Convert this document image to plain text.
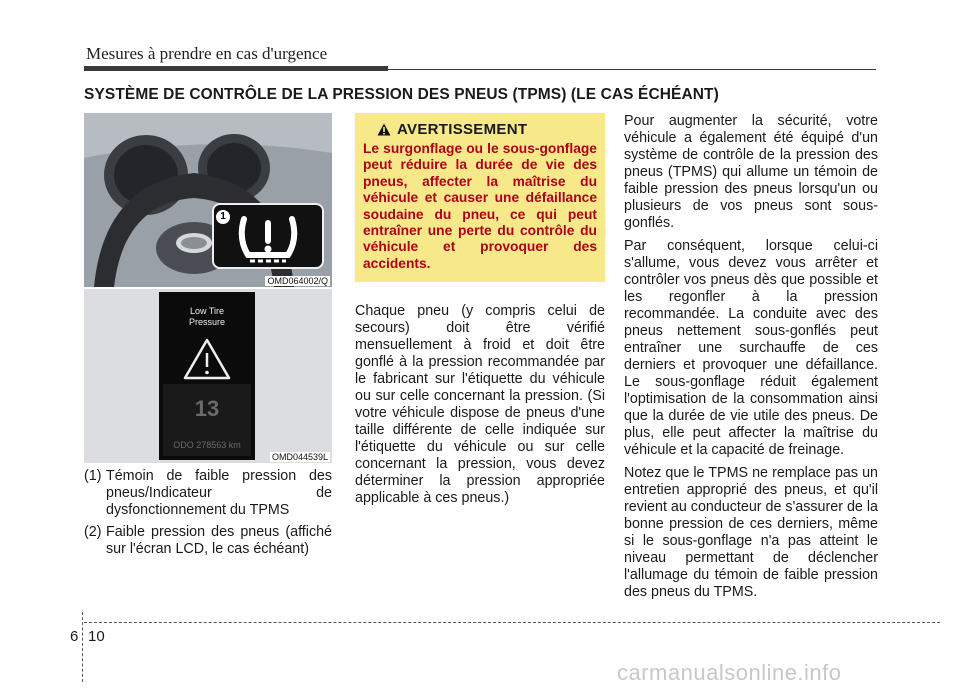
Mesures à prendre en cas d'urgence
SYSTÈME DE CONTRÔLE DE LA PRESSION DES PNEUS (TPMS) (LE CAS ÉCHÉANT)
1
OMD064002/Q
Low Tire
Pressure
13
ODO 278563 km
OMD044539L
(1) Témoin de faible pression des pneus/Indicateur de dysfonctionnement du TPMS
(2) Faible pression des pneus (affiché sur l'écran LCD, le cas échéant)
AVERTISSEMENT
Le surgonflage ou le sous-gonflage peut réduire la durée de vie des pneus, affecter la maîtrise du véhicule et causer une défaillance soudaine du pneu, ce qui peut entraîner une perte du contrôle du véhicule et provoquer des accidents.

Chaque pneu (y compris celui de secours) doit être vérifié mensuellement à froid et doit être gonflé à la pression recommandée par le fabricant sur l'étiquette du véhicule ou sur celle concernant la pression. (Si votre véhicule dispose de pneus d'une taille différente de celle indiquée sur l'étiquette du véhicule ou sur celle concernant la pression, vous devez déterminer la pression appropriée applicable à ces pneus.)

Pour augmenter la sécurité, votre véhicule a également été équipé d'un système de contrôle de la pression des pneus (TPMS) qui allume un témoin de faible pression des pneus lorsqu'un ou plusieurs de vos pneus sont sous-gonflés.

Par conséquent, lorsque celui-ci s'allume, vous devez vous arrêter et contrôler vos pneus dès que possible et les regonfler à la pression recommandée. La conduite avec des pneus nettement sous-gonflés peut entraîner une surchauffe de ces derniers et provoquer une défaillance. Le sous-gonflage réduit également l'optimisation de la consommation ainsi que la durée de vie utile des pneus. De plus, elle peut affecter la maîtrise du véhicule et la capacité de freinage.

Notez que le TPMS ne remplace pas un entretien approprié des pneus, et qu'il revient au conducteur de s'assurer de la bonne pression de ces derniers, même si le sous-gonflage n'a pas atteint le niveau permettant de déclencher l'allumage du témoin de faible pression des pneus du TPMS.

6 10
carmanualsonline.info
